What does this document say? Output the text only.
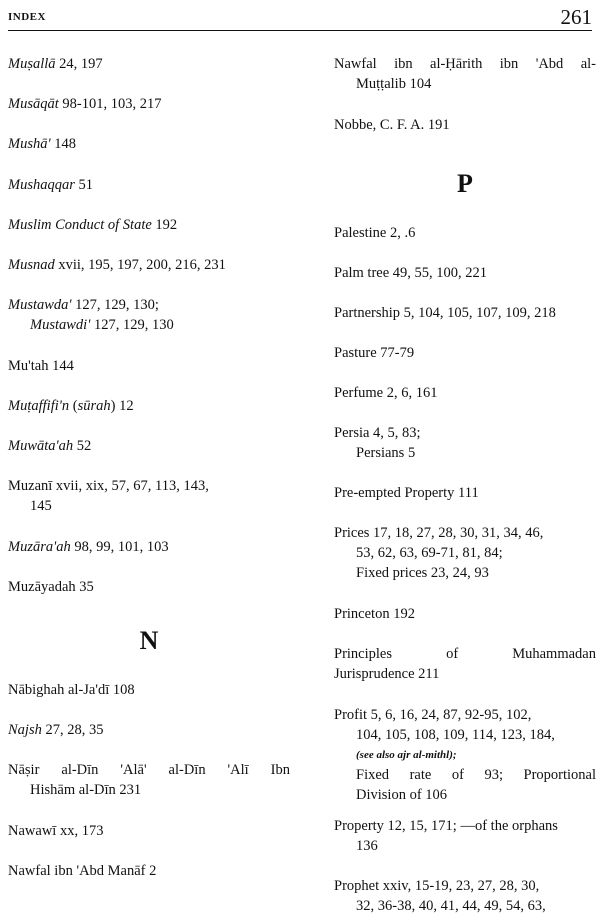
INDEX	261
Muṣallā 24, 197
Musāqāt 98-101, 103, 217
Mushā' 148
Mushaqqar 51
Muslim Conduct of State 192
Musnad xvii, 195, 197, 200, 216, 231
Mustawda' 127, 129, 130;
Mustawdi' 127, 129, 130
Mu'tah 144
Muṭaffifi'n (sūrah) 12
Muwāta'ah 52
Muzanī xvii, xix, 57, 67, 113, 143,
145
Muzāra'ah 98, 99, 101, 103
Muzāyadah 35
N
Nābighah al-Ja'dī 108
Najsh 27, 28, 35
Nāṣir al-Dīn 'Alā' al-Dīn 'Alī Ibn
Hishām al-Dīn 231
Nawawī xx, 173
Nawfal ibn 'Abd Manāf 2
Nawfal ibn al-Ḥārith ibn 'Abd al-
Muṭṭalib 104
Nobbe, C. F. A. 191
P
Palestine 2, .6
Palm tree 49, 55, 100, 221
Partnership 5, 104, 105, 107, 109, 218
Pasture 77-79
Perfume 2, 6, 161
Persia 4, 5, 83;
Persians 5
Pre-empted Property 111
Prices 17, 18, 27, 28, 30, 31, 34, 46,
53, 62, 63, 69-71, 81, 84;
Fixed prices 23, 24, 93
Princeton 192
Principles of Muhammadan
Jurisprudence 211
Profit 5, 6, 16, 24, 87, 92-95, 102,
104, 105, 108, 109, 114, 123, 184,
(see also ajr al-mithl);
Fixed rate of 93; Proportional
Division of 106
Property 12, 15, 171; —of the orphans
136
Prophet xxiv, 15-19, 23, 27, 28, 30,
32, 36-38, 40, 41, 44, 49, 54, 63,
